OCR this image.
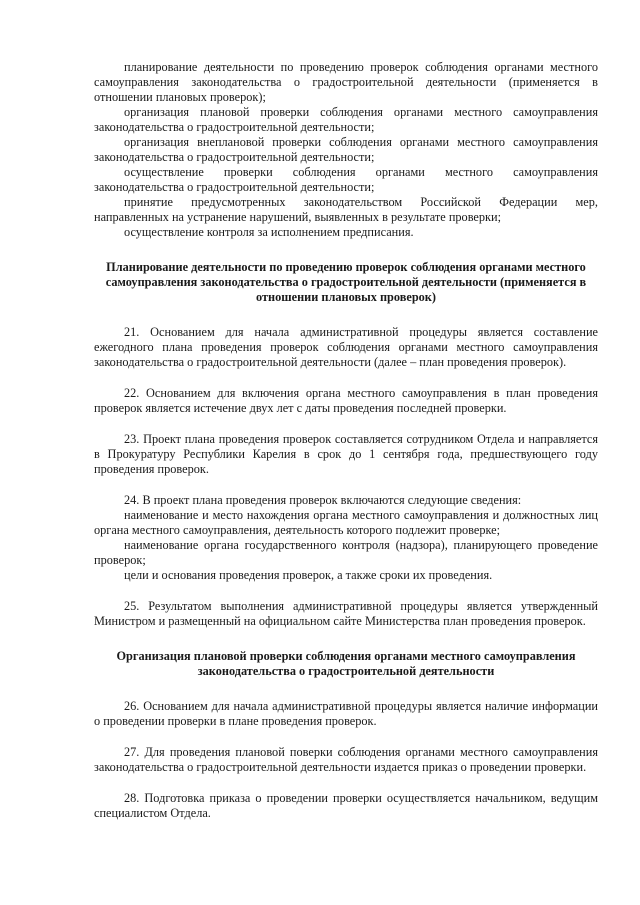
планирование деятельности по проведению проверок соблюдения органами местного самоуправления законодательства о градостроительной деятельности (применяется в отношении плановых проверок);

организация плановой проверки соблюдения органами местного самоуправления законодательства о градостроительной деятельности;

организация внеплановой проверки соблюдения органами местного самоуправления законодательства о градостроительной деятельности;

осуществление проверки соблюдения органами местного самоуправления законодательства о градостроительной деятельности;

принятие предусмотренных законодательством Российской Федерации мер, направленных на устранение нарушений, выявленных в результате проверки;

осуществление контроля за исполнением предписания.

Планирование деятельности по проведению проверок соблюдения органами местного самоуправления законодательства о градостроительной деятельности (применяется в отношении плановых проверок)

21. Основанием для начала административной процедуры является составление ежегодного плана проведения проверок соблюдения органами местного самоуправления законодательства о градостроительной деятельности (далее – план проведения проверок).

22. Основанием для включения органа местного самоуправления в план проведения проверок является истечение двух лет с даты проведения последней проверки.

23. Проект плана проведения проверок составляется сотрудником Отдела и направляется в Прокуратуру Республики Карелия в срок до 1 сентября года, предшествующего году проведения проверок.

24. В проект плана проведения проверок включаются следующие сведения:

наименование и место нахождения органа местного самоуправления и должностных лиц органа местного самоуправления, деятельность которого подлежит проверке;

наименование органа государственного контроля (надзора), планирующего проведение проверок;

цели и основания проведения проверок, а также сроки их проведения.

25. Результатом выполнения административной процедуры является утвержденный Министром и размещенный на официальном сайте Министерства план проведения проверок.

Организация плановой проверки соблюдения органами местного самоуправления законодательства о градостроительной деятельности

26. Основанием для начала административной процедуры является наличие информации о проведении проверки в плане проведения проверок.

27. Для проведения плановой поверки соблюдения органами местного самоуправления законодательства о градостроительной деятельности издается приказ о проведении проверки.

28. Подготовка приказа о проведении проверки осуществляется начальником, ведущим специалистом Отдела.
